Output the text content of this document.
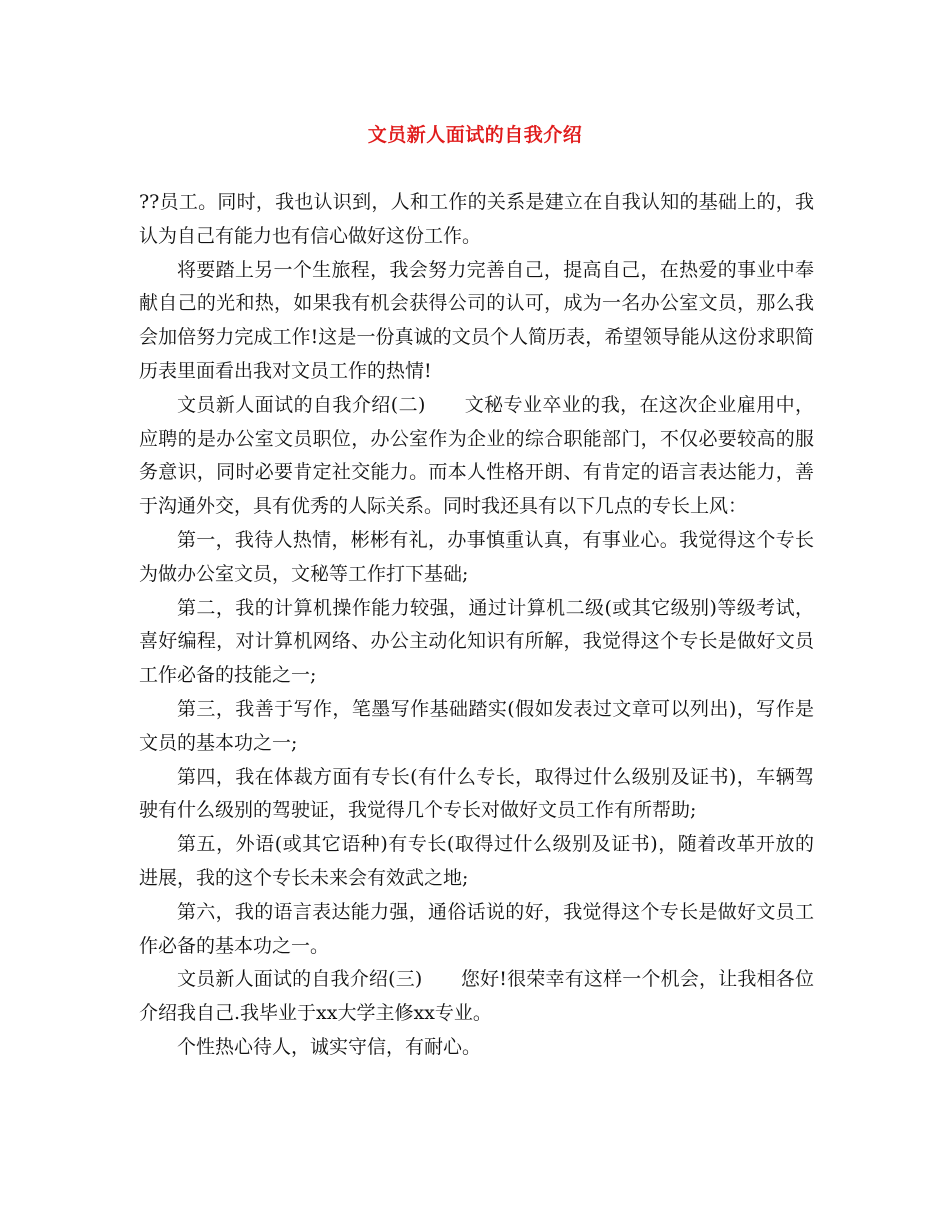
文员新人面试的自我介绍

??员工。同时，我也认识到，人和工作的关系是建立在自我认知的基础上的，我认为自己有能力也有信心做好这份工作。

将要踏上另一个生旅程，我会努力完善自己，提高自己，在热爱的事业中奉献自己的光和热，如果我有机会获得公司的认可，成为一名办公室文员，那么我会加倍努力完成工作!这是一份真诚的文员个人简历表，希望领导能从这份求职简历表里面看出我对文员工作的热情!

文员新人面试的自我介绍(二)　　文秘专业卒业的我，在这次企业雇用中，应聘的是办公室文员职位，办公室作为企业的综合职能部门，不仅必要较高的服务意识，同时必要肯定社交能力。而本人性格开朗、有肯定的语言表达能力，善于沟通外交，具有优秀的人际关系。同时我还具有以下几点的专长上风：

第一，我待人热情，彬彬有礼，办事慎重认真，有事业心。我觉得这个专长为做办公室文员，文秘等工作打下基础;

第二，我的计算机操作能力较强，通过计算机二级(或其它级别)等级考试，喜好编程，对计算机网络、办公主动化知识有所解，我觉得这个专长是做好文员工作必备的技能之一;

第三，我善于写作，笔墨写作基础踏实(假如发表过文章可以列出)，写作是文员的基本功之一;

第四，我在体裁方面有专长(有什么专长，取得过什么级别及证书)，车辆驾驶有什么级别的驾驶证，我觉得几个专长对做好文员工作有所帮助;

第五，外语(或其它语种)有专长(取得过什么级别及证书)，随着改革开放的进展，我的这个专长未来会有效武之地;

第六，我的语言表达能力强，通俗话说的好，我觉得这个专长是做好文员工作必备的基本功之一。

文员新人面试的自我介绍(三)　　您好!很荣幸有这样一个机会，让我相各位介绍我自己.我毕业于xx大学主修xx专业。

个性热心待人，诚实守信，有耐心。
